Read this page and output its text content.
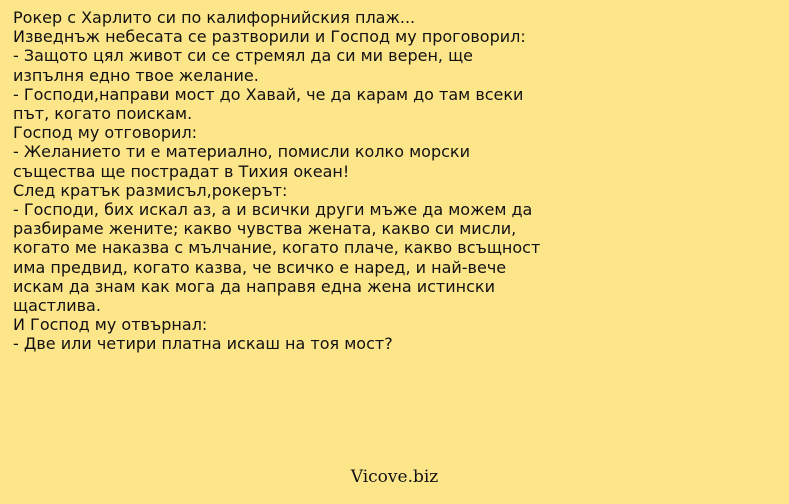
Рокер с Харлито си по калифорнийския плаж...
Изведнъж небесата се разтворили и Господ му проговорил:
- Защото цял живот си се стремял да си ми верен, ще
изпълня едно твое желание.
- Господи,направи мост до Хавай, че да карам до там всеки
път, когато поискам.
Господ му отговорил:
- Желанието ти е материално, помисли колко морски
същества ще пострадат в Тихия океан!
След кратък размисъл,рокерът:
- Господи, бих искал аз, а и всички други мъже да можем да
разбираме жените; какво чувства жената, какво си мисли,
когато ме наказва с мълчание, когато плаче, какво всъщност
има предвид, когато казва, че всичко е наред, и най-вече
искам да знам как мога да направя една жена истински
щастлива.
И Господ му отвърнал:
- Две или четири платна искаш на тоя мост?
Vicove.biz
